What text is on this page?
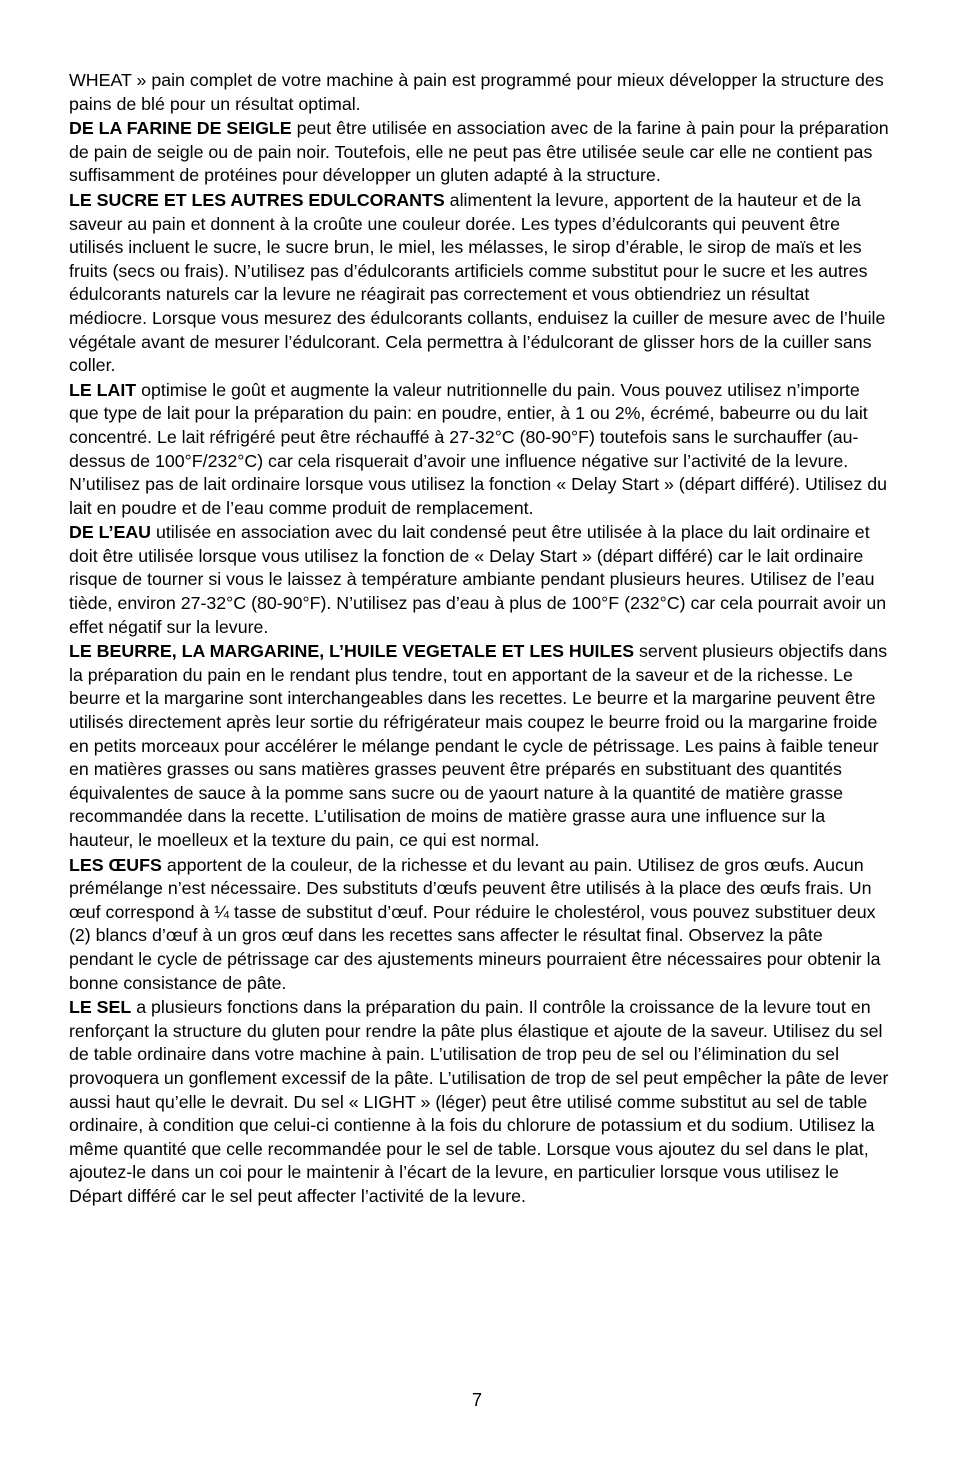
WHEAT » pain complet de votre machine à pain est programmé pour mieux développer la structure des pains de blé pour un résultat optimal.

DE LA FARINE DE SEIGLE peut être utilisée en association avec de la farine à pain pour la préparation de pain de seigle ou de pain noir. Toutefois, elle ne peut pas être utilisée seule car elle ne contient pas suffisamment de protéines pour développer un gluten adapté à la structure.

LE SUCRE ET LES AUTRES EDULCORANTS alimentent la levure, apportent de la hauteur et de la saveur au pain et donnent à la croûte une couleur dorée. Les types d’édulcorants qui peuvent être utilisés incluent le sucre, le sucre brun, le miel, les mélasses, le sirop d’érable, le sirop de maïs et les fruits (secs ou frais). N’utilisez pas d’édulcorants artificiels comme substitut pour le sucre et les autres édulcorants naturels car la levure ne réagirait pas correctement et vous obtiendriez un résultat médiocre. Lorsque vous mesurez des édulcorants collants, enduisez la cuiller de mesure avec de l’huile végétale avant de mesurer l’édulcorant. Cela permettra à l’édulcorant de glisser hors de la cuiller sans coller.

LE LAIT optimise le goût et augmente la valeur nutritionnelle du pain. Vous pouvez utilisez n’importe que type de lait pour la préparation du pain: en poudre, entier, à 1 ou 2%, écrémé, babeurre ou du lait concentré. Le lait réfrigéré peut être réchauffé à 27-32°C (80-90°F) toutefois sans le surchauffer (au-dessus de 100°F/232°C) car cela risquerait d’avoir une influence négative sur l’activité de la levure. N’utilisez pas de lait ordinaire lorsque vous utilisez la fonction « Delay Start » (départ différé). Utilisez du lait en poudre et de l’eau comme produit de remplacement.

DE L’EAU utilisée en association avec du lait condensé peut être utilisée à la place du lait ordinaire et doit être utilisée lorsque vous utilisez la fonction de « Delay Start » (départ différé) car le lait ordinaire risque de tourner si vous le laissez à température ambiante pendant plusieurs heures. Utilisez de l’eau tiède, environ 27-32°C (80-90°F). N’utilisez pas d’eau à plus de 100°F (232°C) car cela pourrait avoir un effet négatif sur la levure.

LE BEURRE, LA MARGARINE, L’HUILE VEGETALE ET LES HUILES servent plusieurs objectifs dans la préparation du pain en le rendant plus tendre, tout en apportant de la saveur et de la richesse. Le beurre et la margarine sont interchangeables dans les recettes. Le beurre et la margarine peuvent être utilisés directement après leur sortie du réfrigérateur mais coupez le beurre froid ou la margarine froide en petits morceaux pour accélérer le mélange pendant le cycle de pétrissage. Les pains à faible teneur en matières grasses ou sans matières grasses peuvent être préparés en substituant des quantités équivalentes de sauce à la pomme sans sucre ou de yaourt nature à la quantité de matière grasse recommandée dans la recette. L’utilisation de moins de matière grasse aura une influence sur la hauteur, le moelleux et la texture du pain, ce qui est normal.

LES ŒUFS apportent de la couleur, de la richesse et du levant au pain. Utilisez de gros œufs. Aucun prémélange n’est nécessaire. Des substituts d’œufs peuvent être utilisés à la place des œufs frais. Un œuf correspond à ¼ tasse de substitut d’œuf. Pour réduire le cholestérol, vous pouvez substituer deux (2) blancs d’œuf à un gros œuf dans les recettes sans affecter le résultat final. Observez la pâte pendant le cycle de pétrissage car des ajustements mineurs pourraient être nécessaires pour obtenir la bonne consistance de pâte.

LE SEL a plusieurs fonctions dans la préparation du pain. Il contrôle la croissance de la levure tout en renforçant la structure du gluten pour rendre la pâte plus élastique et ajoute de la saveur. Utilisez du sel de table ordinaire dans votre machine à pain. L’utilisation de trop peu de sel ou l’élimination du sel provoquera un gonflement excessif de la pâte. L’utilisation de trop de sel peut empêcher la pâte de lever aussi haut qu’elle le devrait. Du sel « LIGHT » (léger) peut être utilisé comme substitut au sel de table ordinaire, à condition que celui-ci contienne à la fois du chlorure de potassium et du sodium. Utilisez la même quantité que celle recommandée pour le sel de table. Lorsque vous ajoutez du sel dans le plat, ajoutez-le dans un coi pour le maintenir à l’écart de la levure, en particulier lorsque vous utilisez le Départ différé car le sel peut affecter l’activité de la levure.

7
